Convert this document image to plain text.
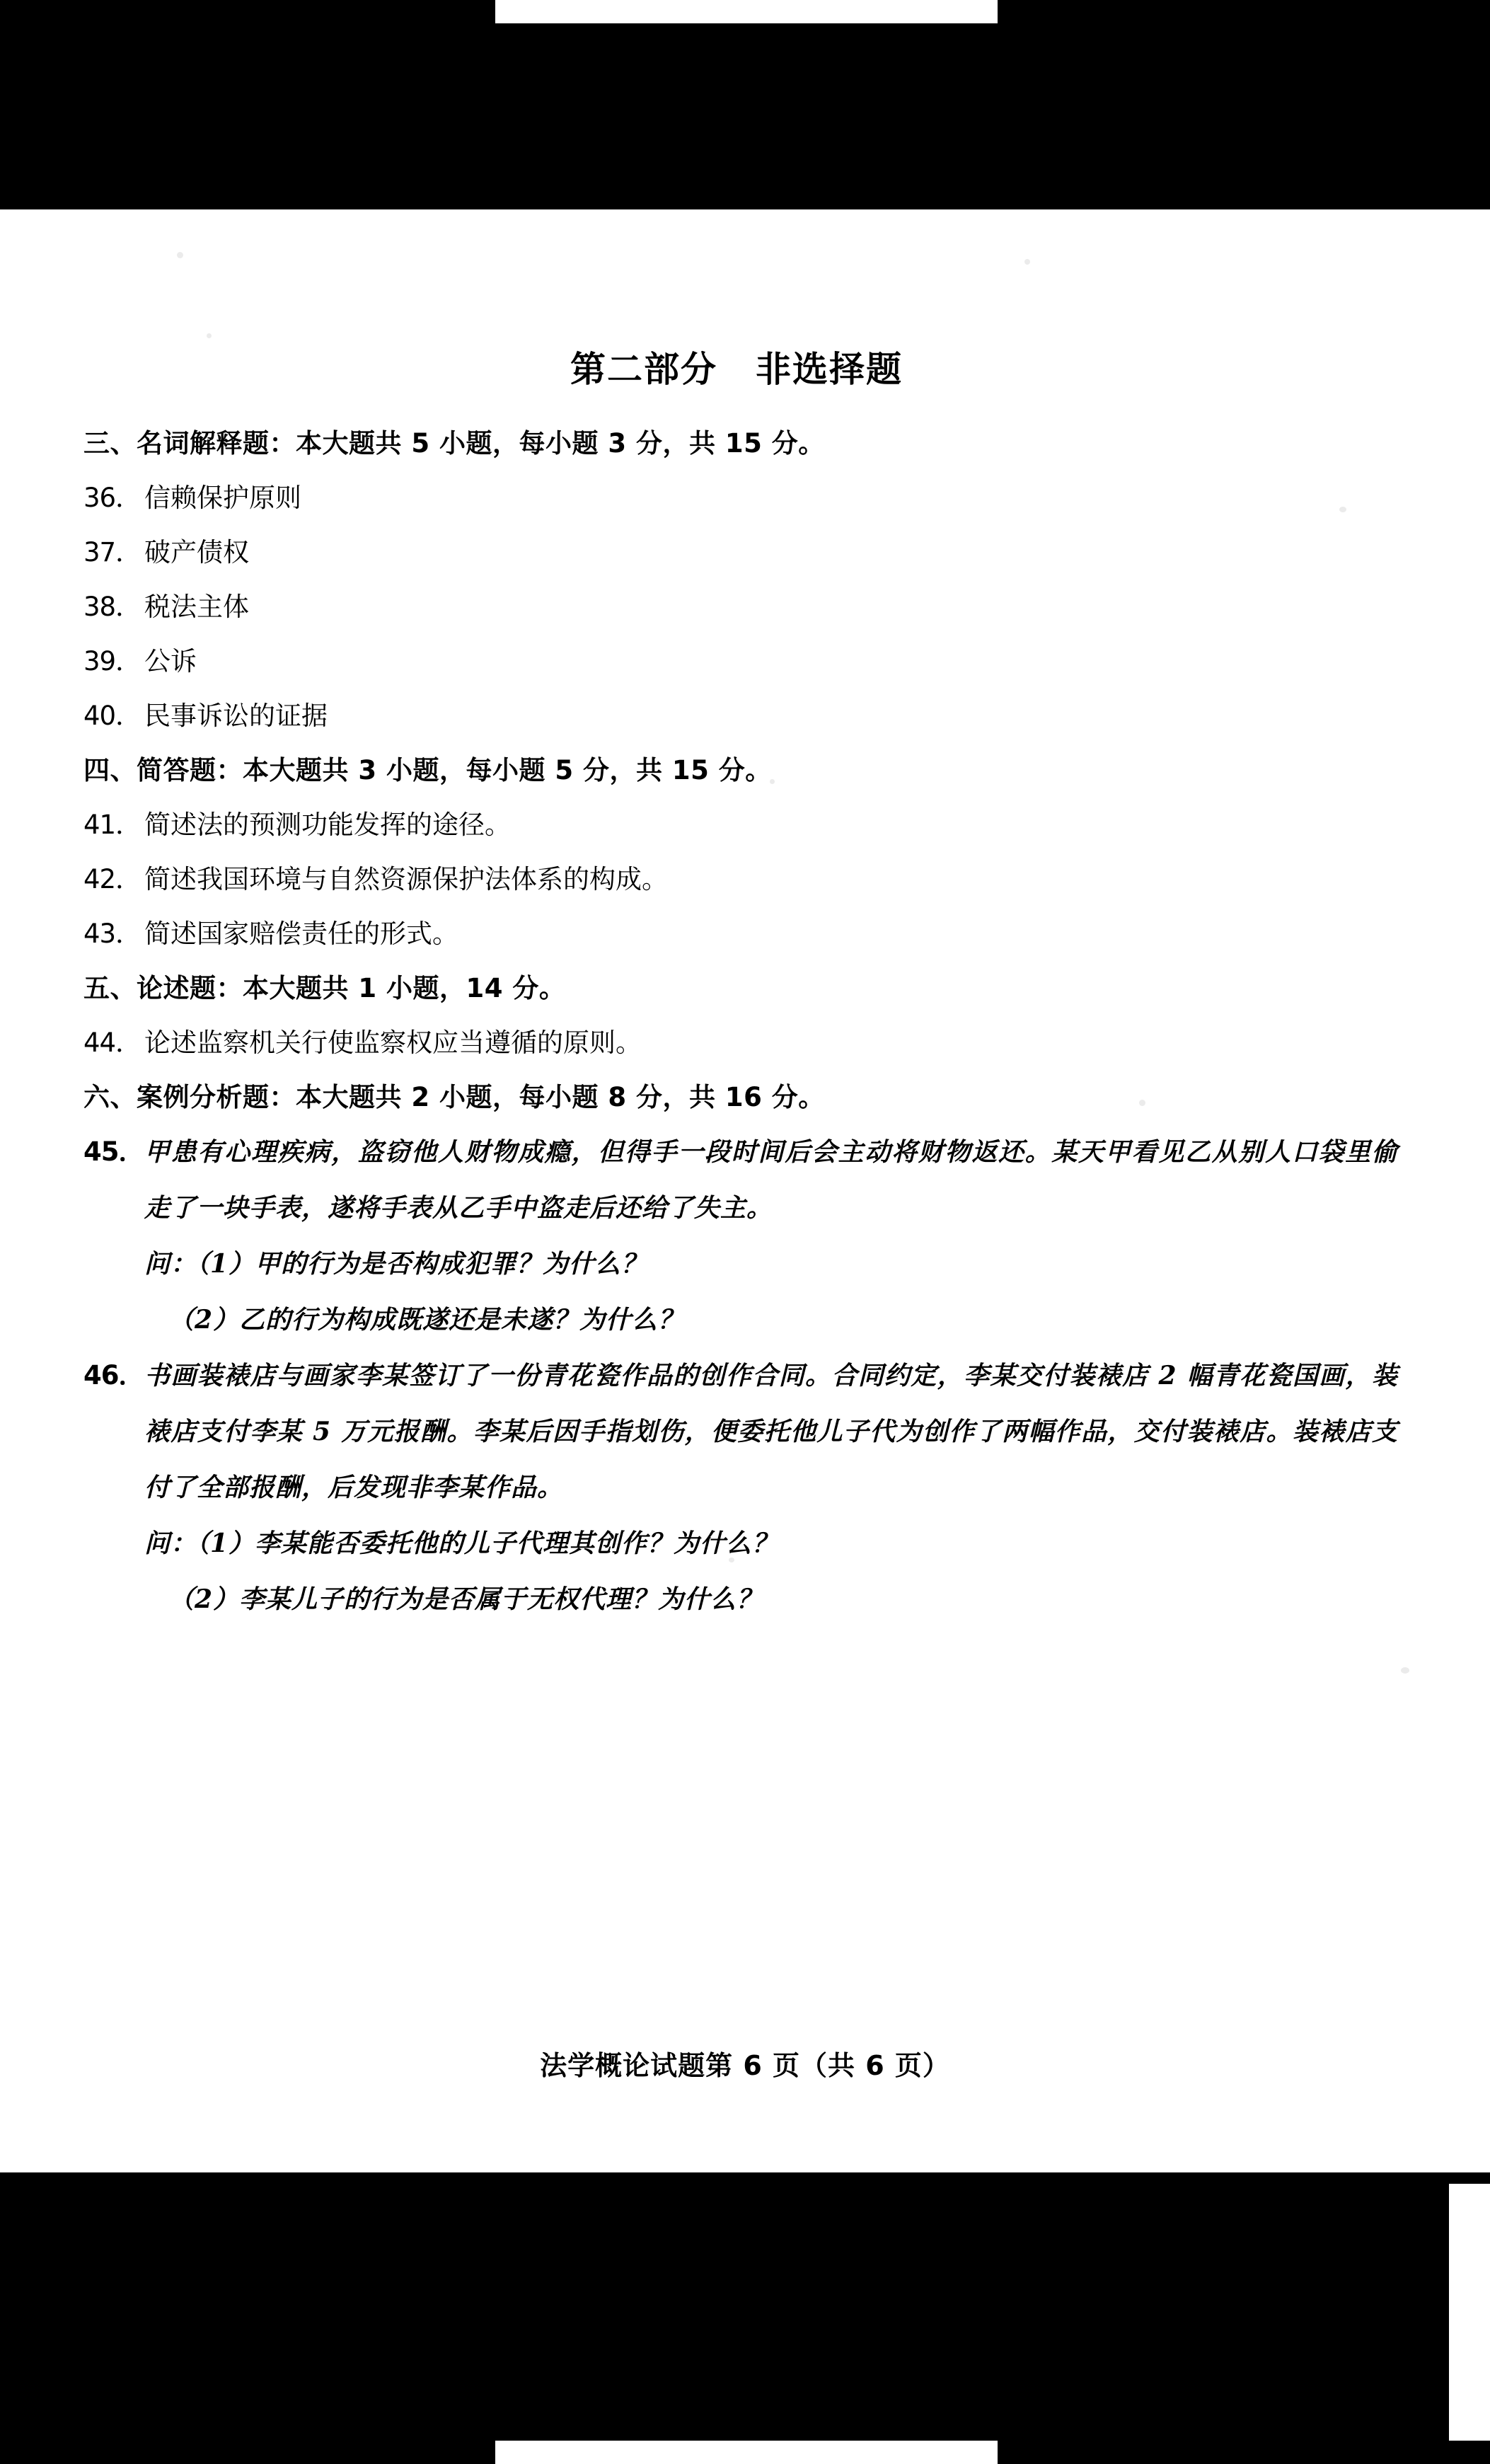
第二部分 非选择题
三、 名词解释题：本大题共 5 小题，每小题 3 分，共 15 分。
36． 信赖保护原则
37． 破产债权
38． 税法主体
39． 公诉
40． 民事诉讼的证据
四、 简答题：本大题共 3 小题，每小题 5 分，共 15 分。
41． 简述法的预测功能发挥的途径。
42． 简述我国环境与自然资源保护法体系的构成。
43． 简述国家赔偿责任的形式。
五、 论述题：本大题共 1 小题，14 分。
44． 论述监察机关行使监察权应当遵循的原则。
六、 案例分析题：本大题共 2 小题，每小题 8 分，共 16 分。
45． 甲患有心理疾病，盗窃他人财物成瘾，但得手一段时间后会主动将财物返还。某天甲看见乙从别人口袋里偷走了一块手表，遂将手表从乙手中盗走后还给了失主。
问：（1）甲的行为是否构成犯罪？为什么？
（2）乙的行为构成既遂还是未遂？为什么？
46． 书画装裱店与画家李某签订了一份青花瓷作品的创作合同。合同约定，李某交付装裱店 2 幅青花瓷国画，装裱店支付李某 5 万元报酬。李某后因手指划伤，便委托他儿子代为创作了两幅作品，交付装裱店。装裱店支付了全部报酬，后发现非李某作品。
问：（1）李某能否委托他的儿子代理其创作？为什么？
（2）李某儿子的行为是否属于无权代理？为什么？
法学概论试题第 6 页（共 6 页）
